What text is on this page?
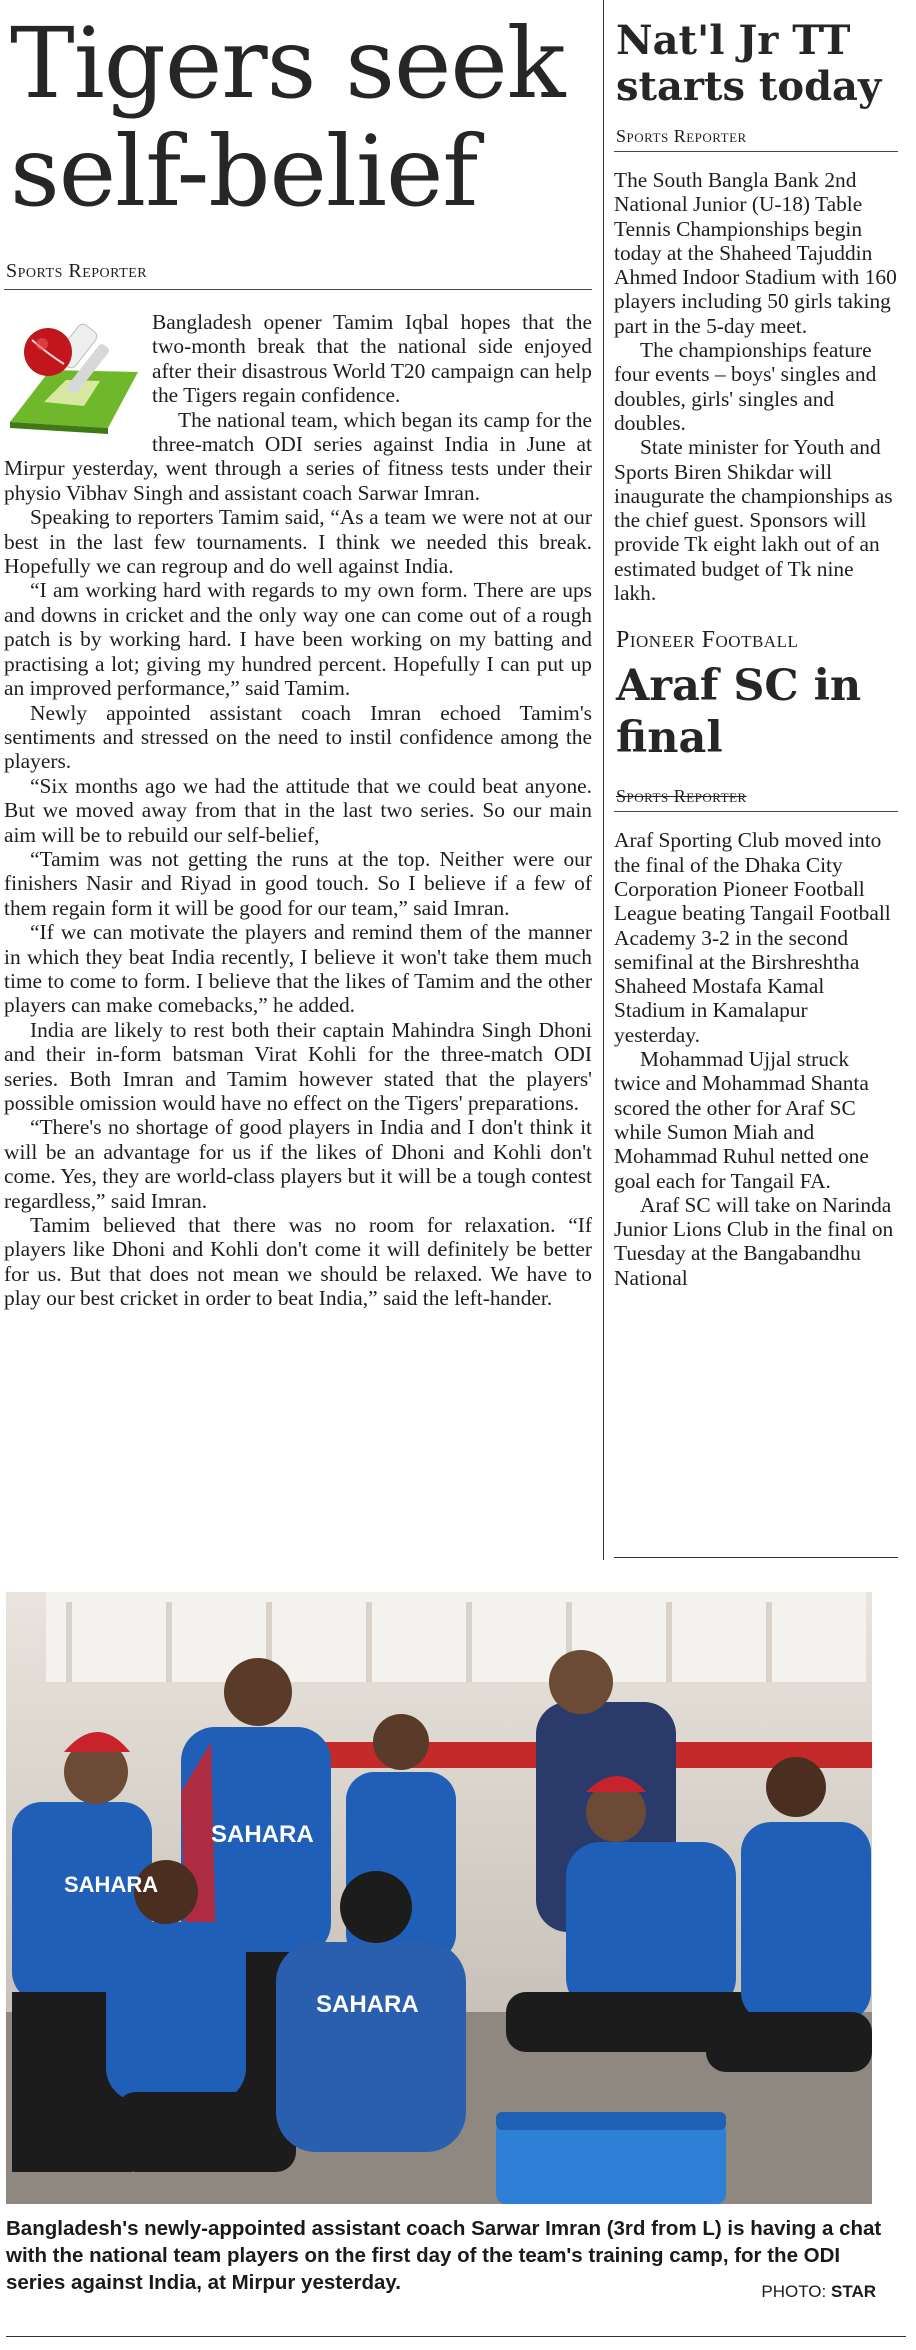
Tigers seek self-belief
Sports Reporter

Bangladesh opener Tamim Iqbal hopes that the two-month break that the national side enjoyed after their disastrous World T20 campaign can help the Tigers regain confidence.

The national team, which began its camp for the three-match ODI series against India in June at Mirpur yesterday, went through a series of fitness tests under their physio Vibhav Singh and assistant coach Sarwar Imran.

Speaking to reporters Tamim said, “As a team we were not at our best in the last few tournaments. I think we needed this break. Hopefully we can regroup and do well against India.

“I am working hard with regards to my own form. There are ups and downs in cricket and the only way one can come out of a rough patch is by working hard. I have been working on my batting and practising a lot; giving my hundred percent. Hopefully I can put up an improved performance,” said Tamim.

Newly appointed assistant coach Imran echoed Tamim's sentiments and stressed on the need to instil confidence among the players.

“Six months ago we had the attitude that we could beat anyone. But we moved away from that in the last two series. So our main aim will be to rebuild our self-belief,

“Tamim was not getting the runs at the top. Neither were our finishers Nasir and Riyad in good touch. So I believe if a few of them regain form it will be good for our team,” said Imran.

“If we can motivate the players and remind them of the manner in which they beat India recently, I believe it won't take them much time to come to form. I believe that the likes of Tamim and the other players can make comebacks,” he added.

India are likely to rest both their captain Mahindra Singh Dhoni and their in-form batsman Virat Kohli for the three-match ODI series. Both Imran and Tamim however stated that the players' possible omission would have no effect on the Tigers' preparations.

“There's no shortage of good players in India and I don't think it will be an advantage for us if the likes of Dhoni and Kohli don't come. Yes, they are world-class players but it will be a tough contest regardless,” said Imran.

Tamim believed that there was no room for relaxation. “If players like Dhoni and Kohli don't come it will definitely be better for us. But that does not mean we should be relaxed. We have to play our best cricket in order to beat India,” said the left-hander.

Nat'l Jr TT starts today
Sports Reporter

The South Bangla Bank 2nd National Junior (U-18) Table Tennis Championships begin today at the Shaheed Tajuddin Ahmed Indoor Stadium with 160 players including 50 girls taking part in the 5-day meet.

The championships feature four events – boys' singles and doubles, girls' singles and doubles.

State minister for Youth and Sports Biren Shikdar will inaugurate the championships as the chief guest. Sponsors will provide Tk eight lakh out of an estimated budget of Tk nine lakh.

Pioneer Football
Araf SC in final
Sports Reporter

Araf Sporting Club moved into the final of the Dhaka City Corporation Pioneer Football League beating Tangail Football Academy 3-2 in the second semifinal at the Birshreshtha Shaheed Mostafa Kamal Stadium in Kamalapur yesterday.

Mohammad Ujjal struck twice and Mohammad Shanta scored the other for Araf SC while Sumon Miah and Mohammad Ruhul netted one goal each for Tangail FA.

Araf SC will take on Narinda Junior Lions Club in the final on Tuesday at the Bangabandhu National

SAHARA
SAHARA
SAHARA
Bangladesh's newly-appointed assistant coach Sarwar Imran (3rd from L) is having a chat with the national team players on the first day of the team's training camp, for the ODI series against India, at Mirpur yesterday.	PHOTO: STAR
